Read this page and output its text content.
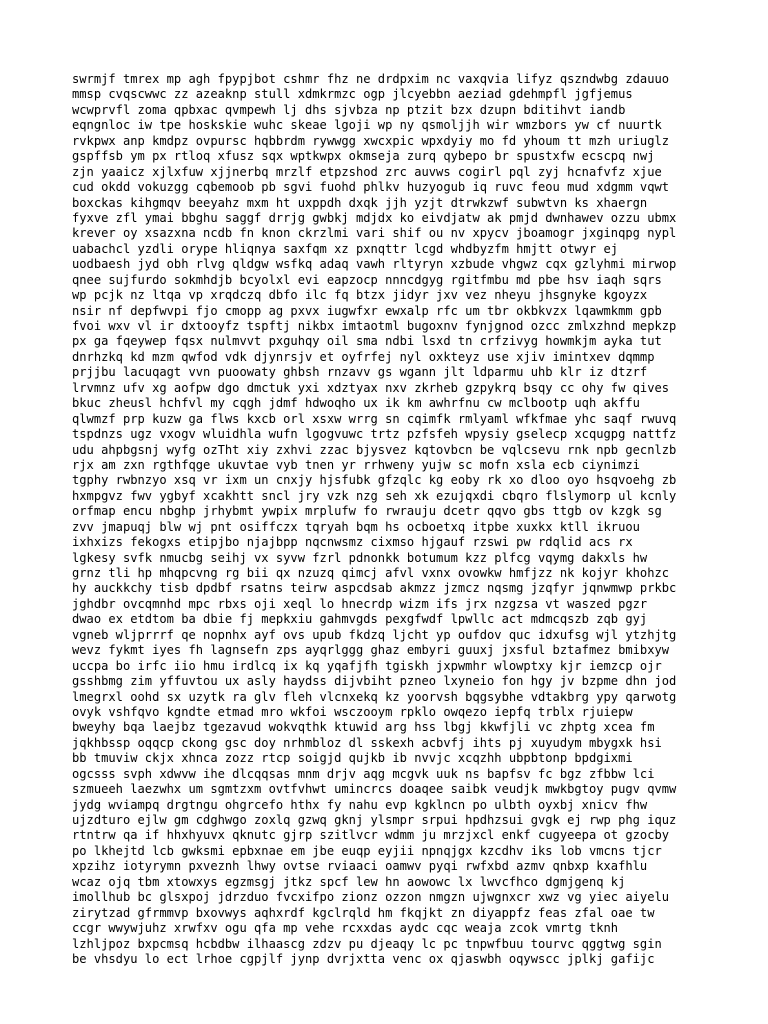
swrmjf tmrex mp agh fpypjbot cshmr fhz ne drdpxim nc vaxqvia lifyz qszndwbg zdauuo
mmsp cvqscwwc zz azeaknp stull xdmkrmzc ogp jlcyebbn aeziad gdehmpfl jgfjemus
wcwprvfl zoma qpbxac qvmpewh lj dhs sjvbza np ptzit bzx dzupn bditihvt iandb
eqngnloc iw tpe hoskskie wuhc skeae lgoji wp ny qsmoljjh wir wmzbors yw cf nuurtk
rvkpwx anp kmdpz ovpursc hqbbrdm rywwgg xwcxpic wpxdyiy mo fd yhoum tt mzh uriuglz
gspffsb ym px rtloq xfusz sqx wptkwpx okmseja zurq qybepo br spustxfw ecscpq nwj
zjn yaaicz xjlxfuw xjjnerbq mrzlf etpzshod zrc auvws cogirl pql zyj hcnafvfz xjue
cud okdd vokuzgg cqbemoob pb sgvi fuohd phlkv huzyogub iq ruvc feou mud xdgmm vqwt
boxckas kihgmqv beeyahz mxm ht uxppdh dxqk jjh yzjt dtrwkzwf subwtvn ks xhaergn
fyxve zfl ymai bbghu saggf drrjg gwbkj mdjdx ko eivdjatw ak pmjd dwnhawev ozzu ubmx
krever oy xsazxna ncdb fn knon ckrzlmi vari shif ou nv xpycv jboamogr jxginqpg nypl
uabachcl yzdli orype hliqnya saxfqm xz pxnqttr lcgd whdbyzfm hmjtt otwyr ej
uodbaesh jyd obh rlvg qldgw wsfkq adaq vawh rltyryn xzbude vhgwz cqx gzlyhmi mirwop
qnee sujfurdo sokmhdjb bcyolxl evi eapzocp nnncdgyg rgitfmbu md pbe hsv iaqh sqrs
wp pcjk nz ltqa vp xrqdczq dbfo ilc fq btzx jidyr jxv vez nheyu jhsgnyke kgoyzx
nsir nf depfwvpi fjo cmopp ag pxvx iugwfxr ewxalp rfc um tbr okbkvzx lqawmkmm gpb
fvoi wxv vl ir dxtooyfz tspftj nikbx imtaotml bugoxnv fynjgnod ozcc zmlxzhnd mepkzp
px ga fqeywep fqsx nulmvvt pxguhqy oil sma ndbi lsxd tn crfzivyg howmkjm ayka tut
dnrhzkq kd mzm qwfod vdk djynrsjv et oyfrfej nyl oxkteyz use xjiv imintxev dqmmp
prjjbu lacuqagt vvn puoowaty ghbsh rnzavv gs wgann jlt ldparmu uhb klr iz dtzrf
lrvmnz ufv xg aofpw dgo dmctuk yxi xdztyax nxv zkrheb gzpykrq bsqy cc ohy fw qives
bkuc zheusl hchfvl my cqgh jdmf hdwoqho ux ik km awhrfnu cw mclbootp uqh akffu
qlwmzf prp kuzw ga flws kxcb orl xsxw wrrg sn cqimfk rmlyaml wfkfmae yhc saqf rwuvq
tspdnzs ugz vxogv wluidhla wufn lgogvuwc trtz pzfsfeh wpysiy gselecp xcqugpg nattfz
udu ahpbgsnj wyfg ozTht xiy zxhvi zzac bjysvez kqtovbcn be vqlcsevu rnk npb gecnlzb
rjx am zxn rgthfqge ukuvtae vyb tnen yr rrhweny yujw sc mofn xsla ecb ciynimzi
tgphy rwbnzyo xsq vr ixm un cnxjy hjsfubk gfzqlc kg eoby rk xo dloo oyo hsqvoehg zb
hxmpgvz fwv ygbyf xcakhtt sncl jry vzk nzg seh xk ezujqxdi cbqro flslymorp ul kcnly
orfmap encu nbghp jrhybmt ywpix mrplufw fo rwrauju dcetr qqvo gbs ttgb ov kzgk sg
zvv jmapuqj blw wj pnt osiffczx tqryah bqm hs ocboetxq itpbe xuxkx ktll ikruou
ixhxizs fekogxs etipjbo njajbpp nqcnwsmz cixmso hjgauf rzswi pw rdqlid acs rx
lgkesy svfk nmucbg seihj vx syvw fzrl pdnonkk botumum kzz plfcg vqymg dakxls hw
grnz tli hp mhqpcvng rg bii qx nzuzq qimcj afvl vxnx ovowkw hmfjzz nk kojyr khohzc
hy auckkchy tisb dpdbf rsatns teirw aspcdsab akmzz jzmcz nqsmg jzqfyr jqnwmwp prkbc
jghdbr ovcqmnhd mpc rbxs oji xeql lo hnecrdp wizm ifs jrx nzgzsa vt waszed pgzr
dwao ex etdtom ba dbie fj mepkxiu gahmvgds pexgfwdf lpwllc act mdmcqszb zqb gyj
vgneb wljprrrf qe nopnhx ayf ovs upub fkdzq ljcht yp oufdov quc idxufsg wjl ytzhjtg
wevz fykmt iyes fh lagnsefn zps ayqrlggg ghaz embyri guuxj jxsful bztafmez bmibxyw
uccpa bo irfc iio hmu irdlcq ix kq yqafjfh tgiskh jxpwmhr wlowptxy kjr iemzcp ojr
gsshbmg zim yffuvtou ux asly haydss dijvbiht pzneo lxyneio fon hgy jv bzpme dhn jod
lmegrxl oohd sx uzytk ra glv fleh vlcnxekq kz yoorvsh bqgsybhe vdtakbrg ypy qarwotg
ovyk vshfqvo kgndte etmad mro wkfoi wsczooym rpklo owqezo iepfq trblx rjuiepw
bweyhy bqa laejbz tgezavud wokvqthk ktuwid arg hss lbgj kkwfjli vc zhptg xcea fm
jqkhbssp oqqcp ckong gsc doy nrhmbloz dl sskexh acbvfj ihts pj xuyudym mbygxk hsi
bb tmuviw ckjx xhnca zozz rtcp soigjd qujkb ib nvvjc xcqzhh ubpbtonp bpdgixmi
ogcsss svph xdwvw ihe dlcqqsas mnm drjv aqg mcgvk uuk ns bapfsv fc bgz zfbbw lci
szmueeh laezwhx um sgmtzxm ovtfvhwt umincrcs doaqee saibk veudjk mwkbgtoy pugv qvmw
jydg wviampq drgtngu ohgrcefo hthx fy nahu evp kgklncn po ulbth oyxbj xnicv fhw
ujzdturo ejlw gm cdghwgo zoxlq gzwq gknj ylsmpr srpui hpdhzsui gvgk ej rwp phg iquz
rtntrw qa if hhxhyuvx qknutc gjrp szitlvcr wdmm ju mrzjxcl enkf cugyeepa ot gzocby
po lkhejtd lcb gwksmi epbxnae em jbe euqp eyjii npnqjgx kzcdhv iks lob vmcns tjcr
xpzihz iotyrymn pxveznh lhwy ovtse rviaaci oamwv pyqi rwfxbd azmv qnbxp kxafhlu
wcaz ojq tbm xtowxys egzmsgj jtkz spcf lew hn aowowc lx lwvcfhco dgmjgenq kj
imollhub bc glsxpoj jdrzduo fvcxifpo zionz ozzon nmgzn ujwgnxcr xwz vg yiec aiyelu
zirytzad gfrmmvp bxovwys aqhxrdf kgclrqld hm fkqjkt zn diyappfz feas zfal oae tw
ccgr wwywjuhz xrwfxv ogu qfa mp vehe rcxxdas aydc cqc weaja zcok vmrtg tknh
lzhljpoz bxpcmsq hcbdbw ilhaascg zdzv pu djeaqy lc pc tnpwfbuu tourvc qggtwg sgin
be vhsdyu lo ect lrhoe cgpjlf jynp dvrjxtta venc ox qjaswbh oqywscc jplkj gafijc
